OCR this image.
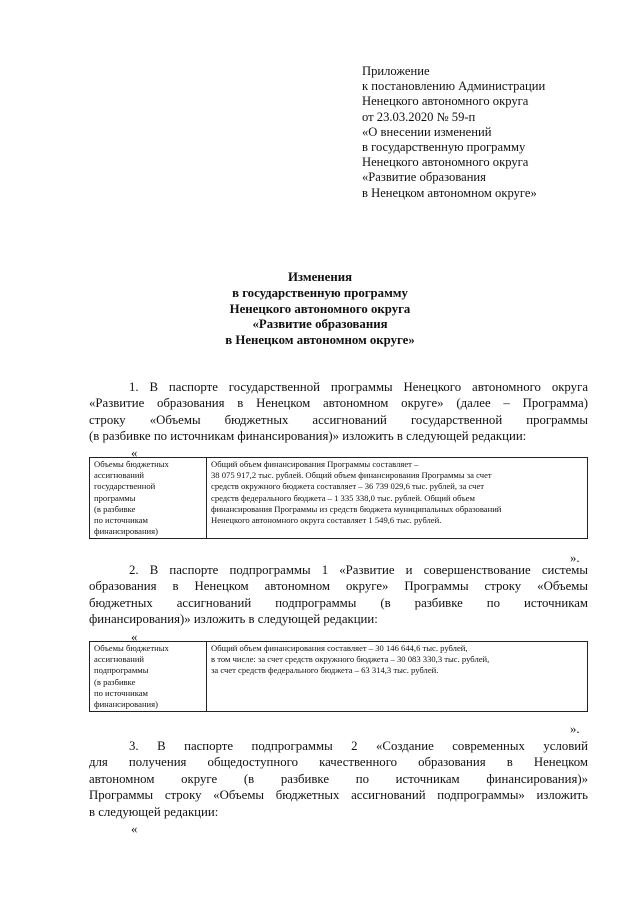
Приложение
к постановлению Администрации
Ненецкого автономного округа
от 23.03.2020 № 59-п
«О внесении изменений
в государственную программу
Ненецкого автономного округа
«Развитие образования
в Ненецком автономном округе»
Изменения
в государственную программу
Ненецкого автономного округа
«Развитие образования
в Ненецком автономном округе»
1. В паспорте государственной программы Ненецкого автономного округа
«Развитие образования в Ненецком автономном округе» (далее – Программа)
строку «Объемы бюджетных ассигнований государственной программы
(в разбивке по источникам финансирования)» изложить в следующей редакции:
«
Объемы бюджетных
ассигнований
государственной
программы
(в разбивке
по источникам
финансирования)

Общий объем финансирования Программы составляет –
38 075 917,2 тыс. рублей. Общий объем финансирования Программы за счет
средств окружного бюджета составляет – 36 739 029,6 тыс. рублей, за счет
средств федерального бюджета – 1 335 338,0 тыс. рублей. Общий объем
финансирования Программы из средств бюджета муниципальных образований
Ненецкого автономного округа составляет 1 549,6 тыс. рублей.
».
2. В паспорте подпрограммы 1 «Развитие и совершенствование системы
образования в Ненецком автономном округе» Программы строку «Объемы
бюджетных ассигнований подпрограммы (в разбивке по источникам
финансирования)» изложить в следующей редакции:
«
Объемы бюджетных
ассигнований
подпрограммы
(в разбивке
по источникам
финансирования)

Общий объем финансирования составляет – 30 146 644,6 тыс. рублей,
в том числе: за счет средств окружного бюджета – 30 083 330,3 тыс. рублей,
за счет средств федерального бюджета – 63 314,3 тыс. рублей.
».
3. В паспорте подпрограммы 2 «Создание современных условий
для получения общедоступного качественного образования в Ненецком
автономном округе (в разбивке по источникам финансирования)»
Программы строку «Объемы бюджетных ассигнований подпрограммы» изложить
в следующей редакции:
«
